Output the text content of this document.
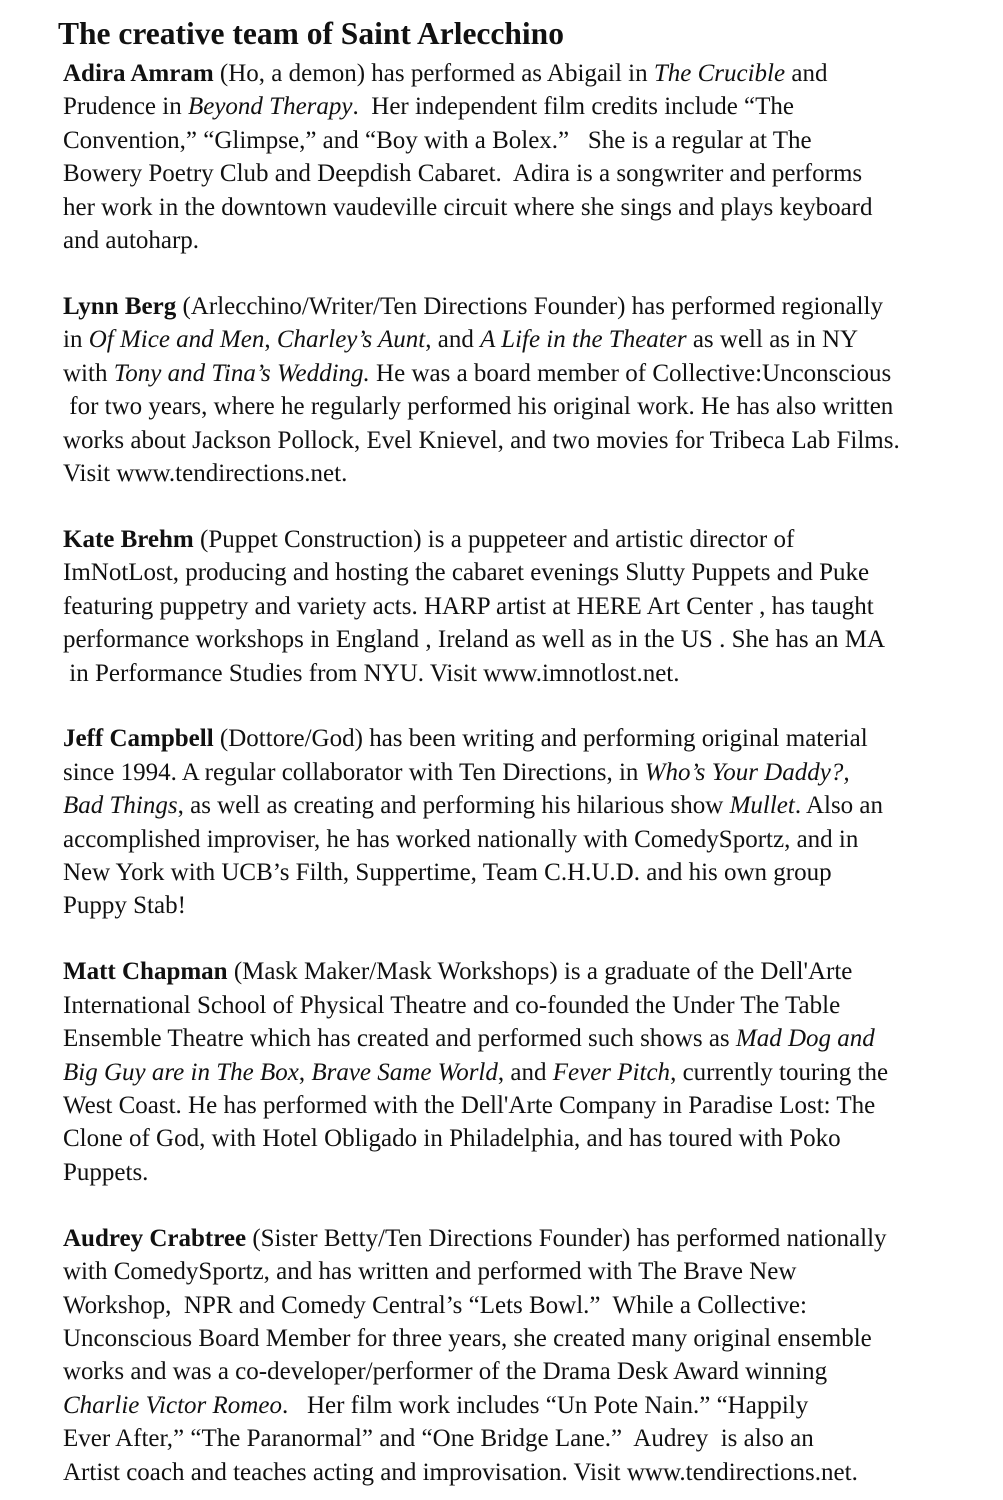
The creative team of Saint Arlecchino
Adira Amram (Ho, a demon) has performed as Abigail in The Crucible and
Prudence in Beyond Therapy.  Her independent film credits include “The
Convention,” “Glimpse,” and “Boy with a Bolex.”   She is a regular at The
Bowery Poetry Club and Deepdish Cabaret.  Adira is a songwriter and performs
her work in the downtown vaudeville circuit where she sings and plays keyboard
and autoharp.
Lynn Berg (Arlecchino/Writer/Ten Directions Founder) has performed regionally
in Of Mice and Men, Charley’s Aunt, and A Life in the Theater as well as in NY
with Tony and Tina’s Wedding. He was a board member of Collective:Unconscious
for two years, where he regularly performed his original work. He has also written
works about Jackson Pollock, Evel Knievel, and two movies for Tribeca Lab Films.
Visit www.tendirections.net.
Kate Brehm (Puppet Construction) is a puppeteer and artistic director of
ImNotLost, producing and hosting the cabaret evenings Slutty Puppets and Puke
featuring puppetry and variety acts. HARP artist at HERE Art Center , has taught
performance workshops in England , Ireland as well as in the US . She has an MA
in Performance Studies from NYU. Visit www.imnotlost.net.
Jeff Campbell (Dottore/God) has been writing and performing original material
since 1994. A regular collaborator with Ten Directions, in Who’s Your Daddy?,
Bad Things, as well as creating and performing his hilarious show Mullet. Also an
accomplished improviser, he has worked nationally with ComedySportz, and in
New York with UCB’s Filth, Suppertime, Team C.H.U.D. and his own group
Puppy Stab!
Matt Chapman (Mask Maker/Mask Workshops) is a graduate of the Dell'Arte
International School of Physical Theatre and co-founded the Under The Table
Ensemble Theatre which has created and performed such shows as Mad Dog and
Big Guy are in The Box, Brave Same World, and Fever Pitch, currently touring the
West Coast. He has performed with the Dell'Arte Company in Paradise Lost: The
Clone of God, with Hotel Obligado in Philadelphia, and has toured with Poko
Puppets.
Audrey Crabtree (Sister Betty/Ten Directions Founder) has performed nationally
with ComedySportz, and has written and performed with The Brave New
Workshop,  NPR and Comedy Central’s “Lets Bowl.”  While a Collective:
Unconscious Board Member for three years, she created many original ensemble
works and was a co-developer/performer of the Drama Desk Award winning
Charlie Victor Romeo.   Her film work includes “Un Pote Nain.” “Happily
Ever After,” “The Paranormal” and “One Bridge Lane.”  Audrey  is also an
Artist coach and teaches acting and improvisation. Visit www.tendirections.net.
